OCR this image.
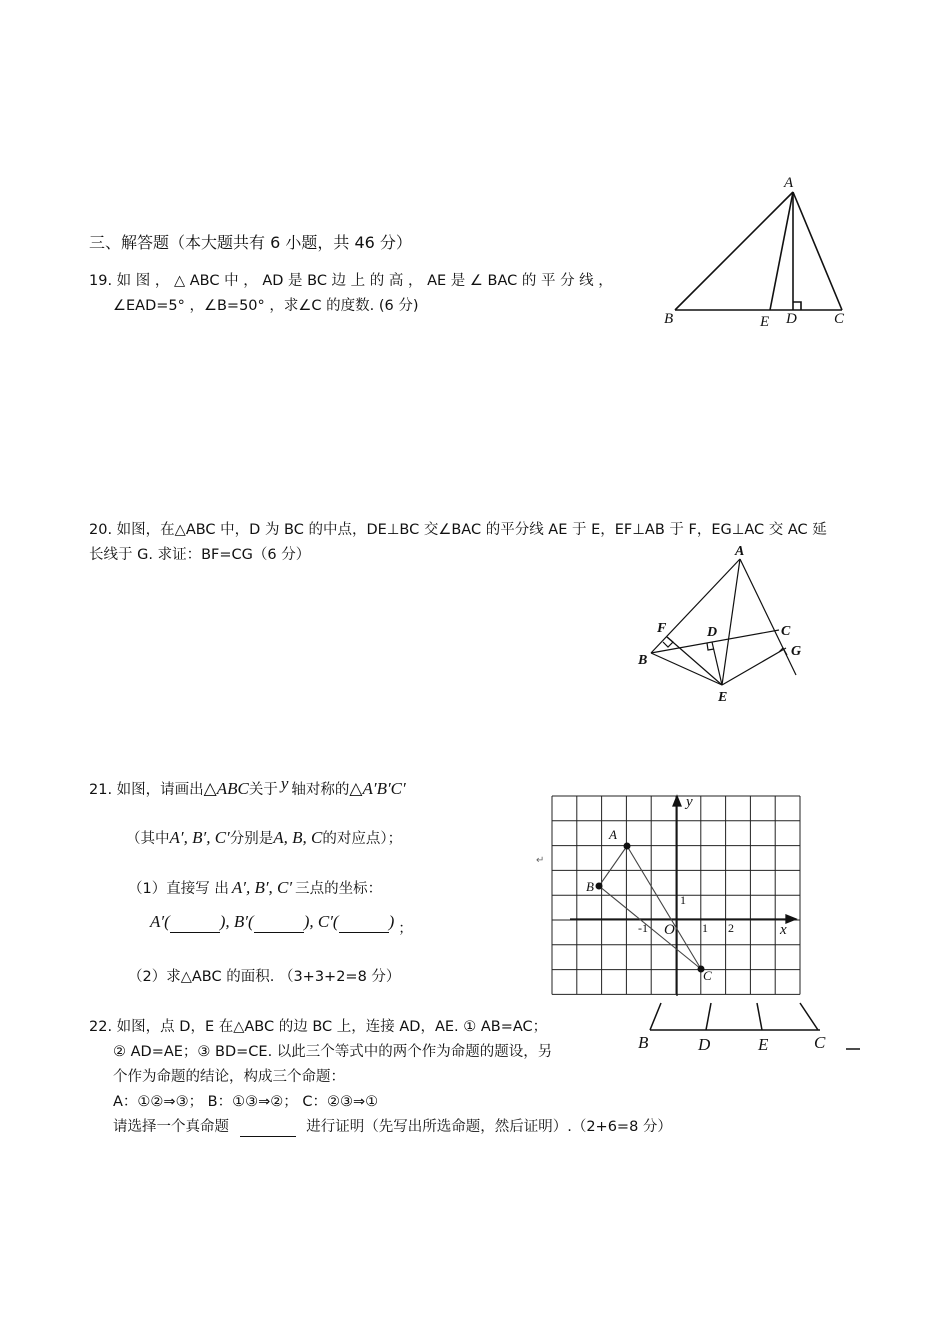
三、解答题（本大题共有 6 小题，共 46 分）
19. 如 图 ， △ ABC 中 ， AD 是 BC 边 上 的 高 ， AE 是 ∠ BAC 的 平 分 线 ，
∠EAD=5° ，∠B=50° ，求∠C 的度数. (6 分)
A
B	E D C
20. 如图，在△ABC 中，D 为 BC 的中点，DE⊥BC 交∠BAC 的平分线 AE 于 E，EF⊥AB 于 F，EG⊥AC 交 AC 延
长线于 G. 求证：BF=CG（6 分）	A
F	D	C
B
G
E
21. 如图，请画出△ABC关于 y 轴对称的△A′B′C′
（其中A′, B′, C′分别是A, B, C的对应点）；
（1）直接写 出 A′, B′, C′ 三点的坐标：
A′(	), B′(	), C′(	) ；
（2）求△ABC 的面积. （3+3+2=8 分）
↵
y
x
O
-1	1 2
1
A
B
C
22. 如图，点 D，E 在△ABC 的边 BC 上，连接 AD，AE. ① AB=AC；
② AD=AE；③ BD=CE. 以此三个等式中的两个作为命题的题设，另
个作为命题的结论，构成三个命题：
A：①②⇒③； B：①③⇒②； C：②③⇒①
请选择一个真命题	进行证明（先写出所选命题，然后证明）.（2+6=8 分）
B	D	E	C
